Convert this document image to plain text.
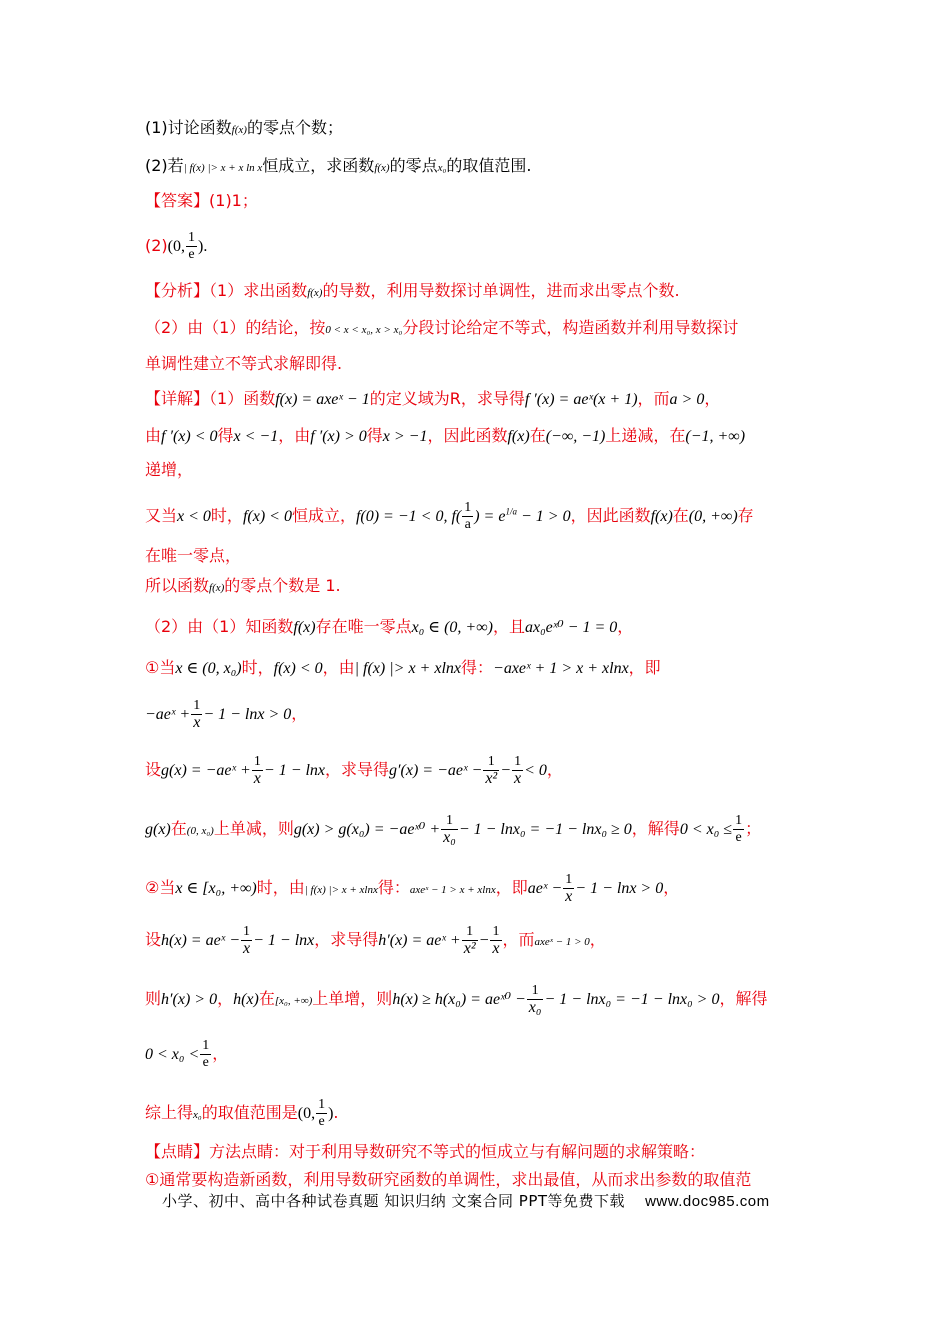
(1)讨论函数f(x)的零点个数；
(2)若| f(x) |> x + x ln x恒成立，求函数f(x)的零点x₀的取值范围.
【答案】(1)1；
(2)(0, $\frac{1}{e}$ ).
【分析】（1）求出函数f(x)的导数，利用导数探讨单调性，进而求出零点个数.
（2）由（1）的结论，按0 < x < x₀, x > x₀分段讨论给定不等式，构造函数并利用导数探讨
单调性建立不等式求解即得.
【详解】（1）函数f(x) = axeˣ − 1的定义域为R，求导得f ′(x) = aeˣ(x + 1)，而a > 0，
由f ′(x) < 0得x < −1，由f ′(x) > 0得x > −1，因此函数f(x)在(−∞, −1)上递减，在(−1, +∞)
递增，
又当x < 0时，f(x) < 0恒成立，f(0) = −1 < 0, $f( \frac{1}{a}$ ) = $e^{1/a} - 1 > 0$，因此函数f(x)在(0, +∞)存
在唯一零点，
所以函数f(x)的零点个数是 1.
（2）由（1）知函数f(x)存在唯一零点x₀ ∈ (0, +∞)，且ax₀eˣ⁰ − 1 = 0，
①当x ∈ (0, x₀)时，f(x) < 0，由| f(x) |> x + xlnx得：−axeˣ + 1 > x + xlnx，即
−aeˣ + $\frac{1}{x} - 1 - \ln x > 0$，
设g(x) = −aeˣ + $\frac{1}{x} - 1 - \ln x$，求导得g′(x) = −aeˣ − $\frac{1}{\text{x²}} - \frac{1}{x} < 0$，
g(x)在(0, x₀)上单减，则g(x) > g(x₀) = −aeˣ⁰ + $\frac{1}{\text{x₀}} - 1 - \ln x_0 = -1 - \ln x_0 \ge 0$，解得$0 < x_0 \le \frac{1}{e}$ ；
②当x ∈ [x₀, +∞)时，由| f(x) |> x + xlnx得：axeˣ − 1 > x + xlnx，即aeˣ − $\frac{1}{x} - 1 - \ln x > 0$，
设h(x) = aeˣ − $\frac{1}{x} - 1 - \ln x$，求导得h′(x) = aeˣ + $\frac{1}{\text{x²}} - \frac{1}{x}$ ，而axeˣ − 1 > 0，
则h′(x) > 0，h(x)在[x₀, +∞)上单增，则h(x) ≥ h(x₀) = aeˣ⁰ − $\frac{1}{\text{x₀}} - 1 - \ln x_0 = -1 - \ln x_0 > 0$，解得
$0 < x_0 < \frac{1}{e}$ ，
综上得x₀的取值范围是(0, $\frac{1}{e}$ ).
【点睛】方法点睛：对于利用导数研究不等式的恒成立与有解问题的求解策略：
①通常要构造新函数，利用导数研究函数的单调性，求出最值，从而求出参数的取值范
小学、初中、高中各种试卷真题 知识归纳 文案合同 PPT等免费下载 www.doc985.com
